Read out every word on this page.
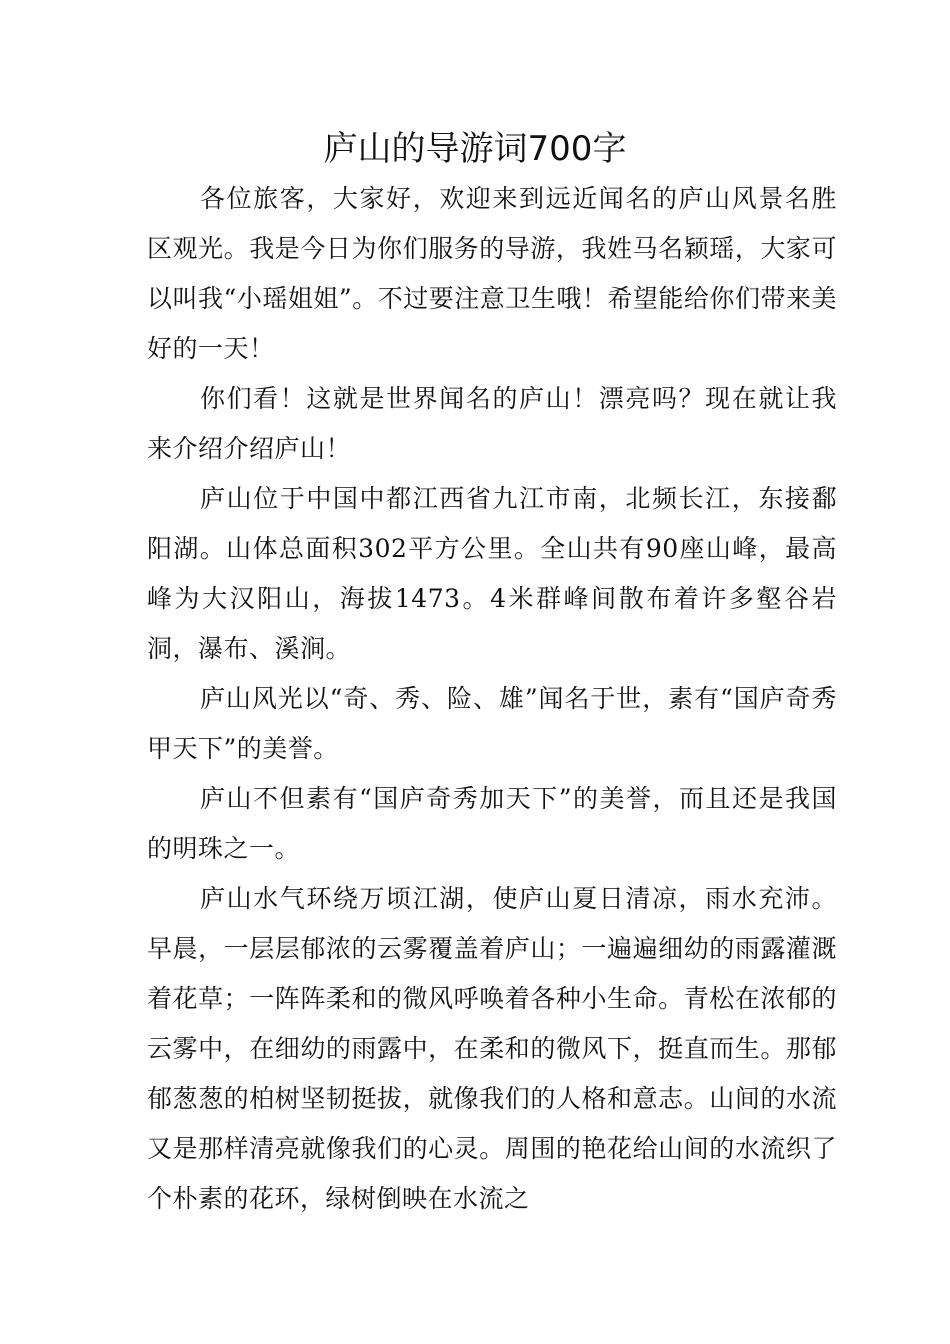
庐山的导游词700字

各位旅客，大家好，欢迎来到远近闻名的庐山风景名胜区观光。我是今日为你们服务的导游，我姓马名颖瑶，大家可以叫我“小瑶姐姐”。不过要注意卫生哦！希望能给你们带来美好的一天！

你们看！这就是世界闻名的庐山！漂亮吗？现在就让我来介绍介绍庐山！

庐山位于中国中都江西省九江市南，北频长江，东接鄱阳湖。山体总面积302平方公里。全山共有90座山峰，最高峰为大汉阳山，海拔1473。4米群峰间散布着许多壑谷岩洞，瀑布、溪涧。

庐山风光以“奇、秀、险、雄”闻名于世，素有“国庐奇秀甲天下”的美誉。

庐山不但素有“国庐奇秀加天下”的美誉，而且还是我国的明珠之一。

庐山水气环绕万顷江湖，使庐山夏日清凉，雨水充沛。早晨，一层层郁浓的云雾覆盖着庐山；一遍遍细幼的雨露灌溉着花草；一阵阵柔和的微风呼唤着各种小生命。青松在浓郁的云雾中，在细幼的雨露中，在柔和的微风下，挺直而生。那郁郁葱葱的柏树坚韧挺拔，就像我们的人格和意志。山间的水流又是那样清亮就像我们的心灵。周围的艳花给山间的水流织了个朴素的花环，绿树倒映在水流之
